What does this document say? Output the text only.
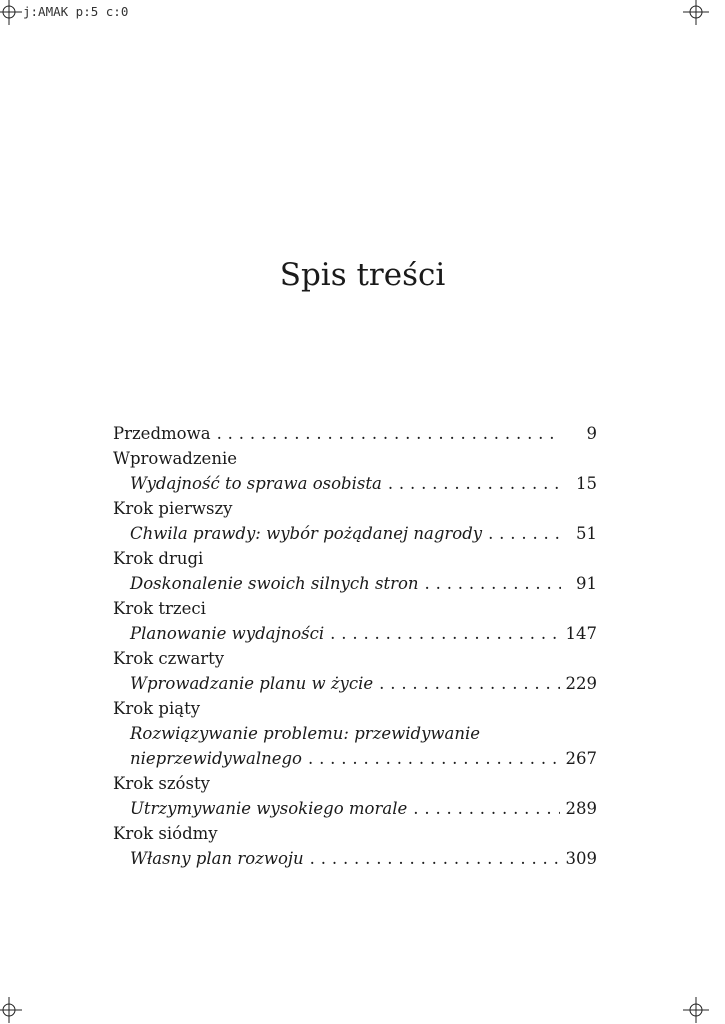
j:AMAK p:5 c:0
Spis treści
Przedmowa . . .	9
Wprowadzenie
Wydajność to sprawa osobista . . .	15
Krok pierwszy
Chwila prawdy: wybór pożądanej nagrody . . .	51
Krok drugi
Doskonalenie swoich silnych stron . . .	91
Krok trzeci
Planowanie wydajności . . .	147
Krok czwarty
Wprowadzanie planu w życie . . .	229
Krok piąty
Rozwiązywanie problemu: przewidywanie
nieprzewidywalnego . . .	267
Krok szósty
Utrzymywanie wysokiego morale . . .	289
Krok siódmy
Własny plan rozwoju . . .	309
